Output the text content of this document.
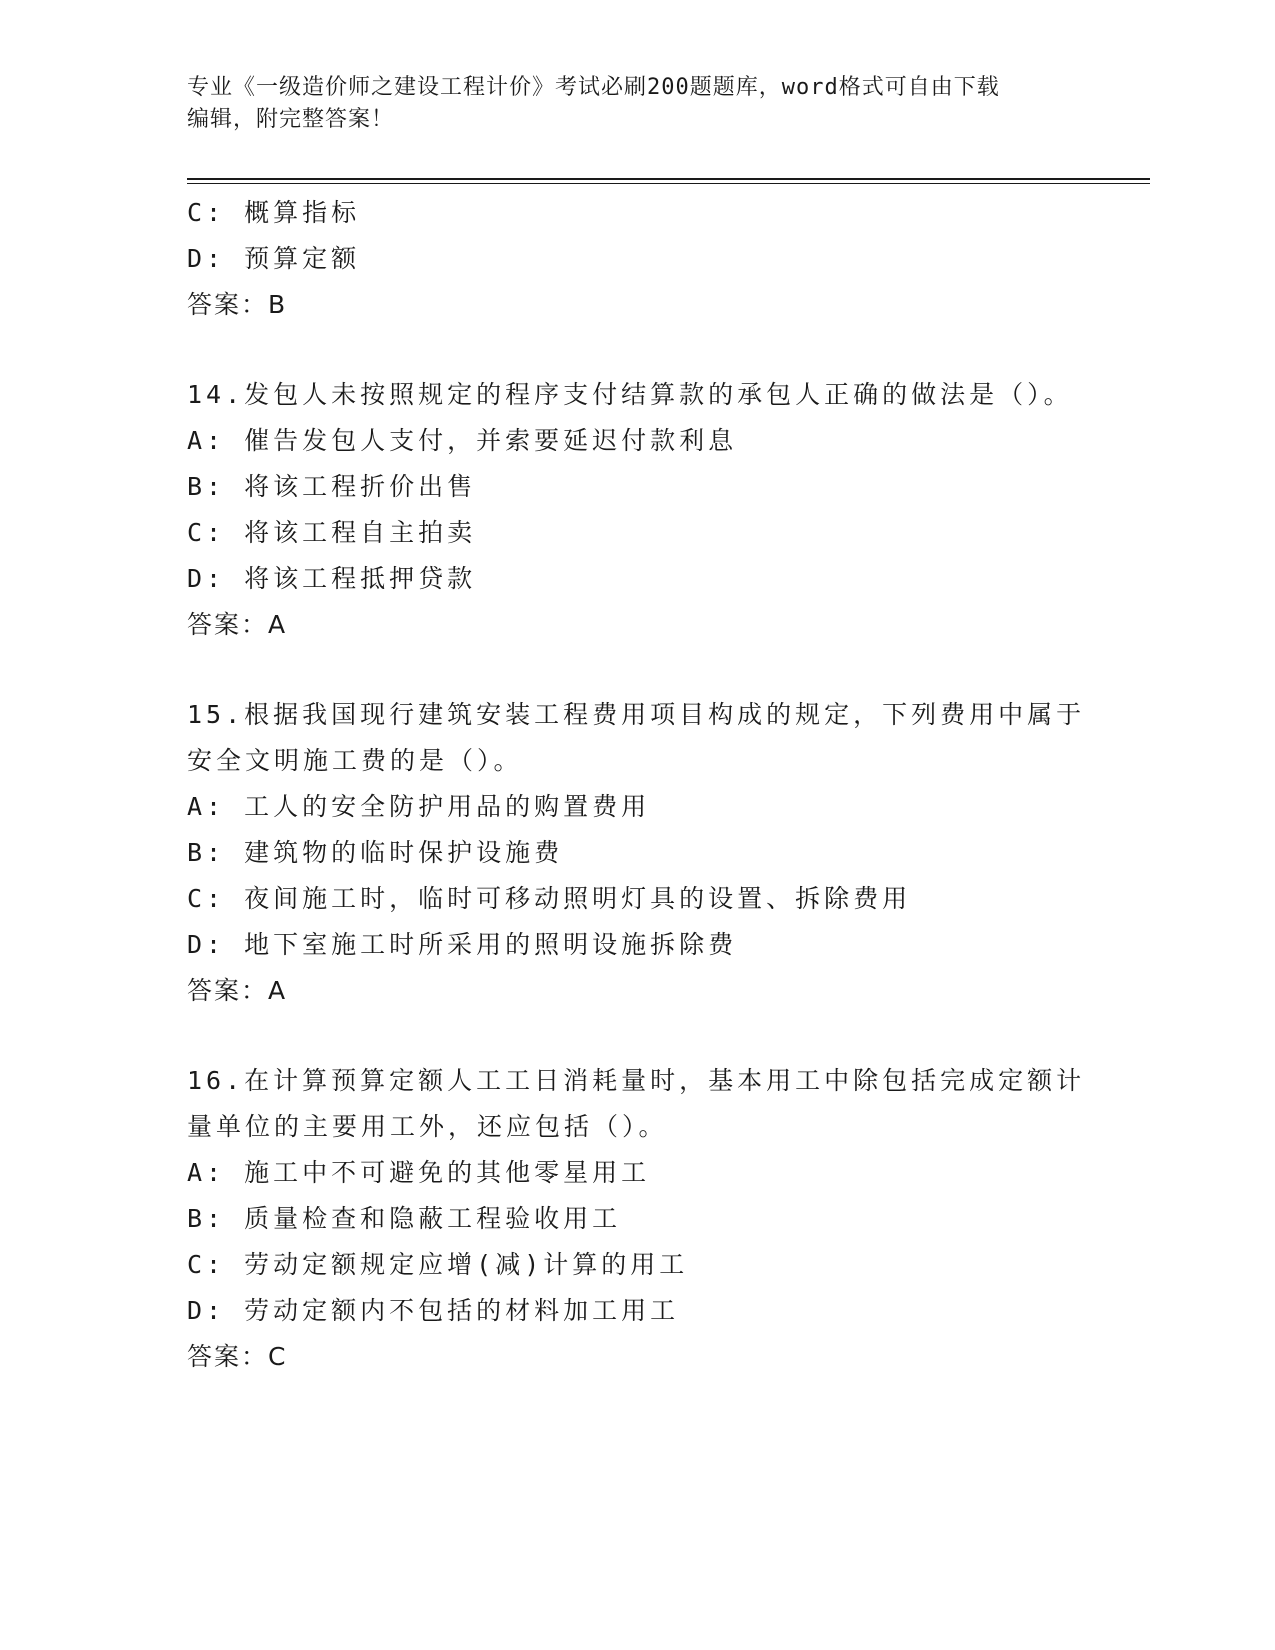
专业《一级造价师之建设工程计价》考试必刷200题题库，word格式可自由下载
编辑，附完整答案！
C: 概算指标
D: 预算定额
答案：B
14.发包人未按照规定的程序支付结算款的承包人正确的做法是（）。
A: 催告发包人支付，并索要延迟付款利息
B: 将该工程折价出售
C: 将该工程自主拍卖
D: 将该工程抵押贷款
答案：A
15.根据我国现行建筑安装工程费用项目构成的规定，下列费用中属于
安全文明施工费的是（）。
A: 工人的安全防护用品的购置费用
B: 建筑物的临时保护设施费
C: 夜间施工时，临时可移动照明灯具的设置、拆除费用
D: 地下室施工时所采用的照明设施拆除费
答案：A
16.在计算预算定额人工工日消耗量时，基本用工中除包括完成定额计
量单位的主要用工外，还应包括（）。
A: 施工中不可避免的其他零星用工
B: 质量检查和隐蔽工程验收用工
C: 劳动定额规定应增(减)计算的用工
D: 劳动定额内不包括的材料加工用工
答案：C
